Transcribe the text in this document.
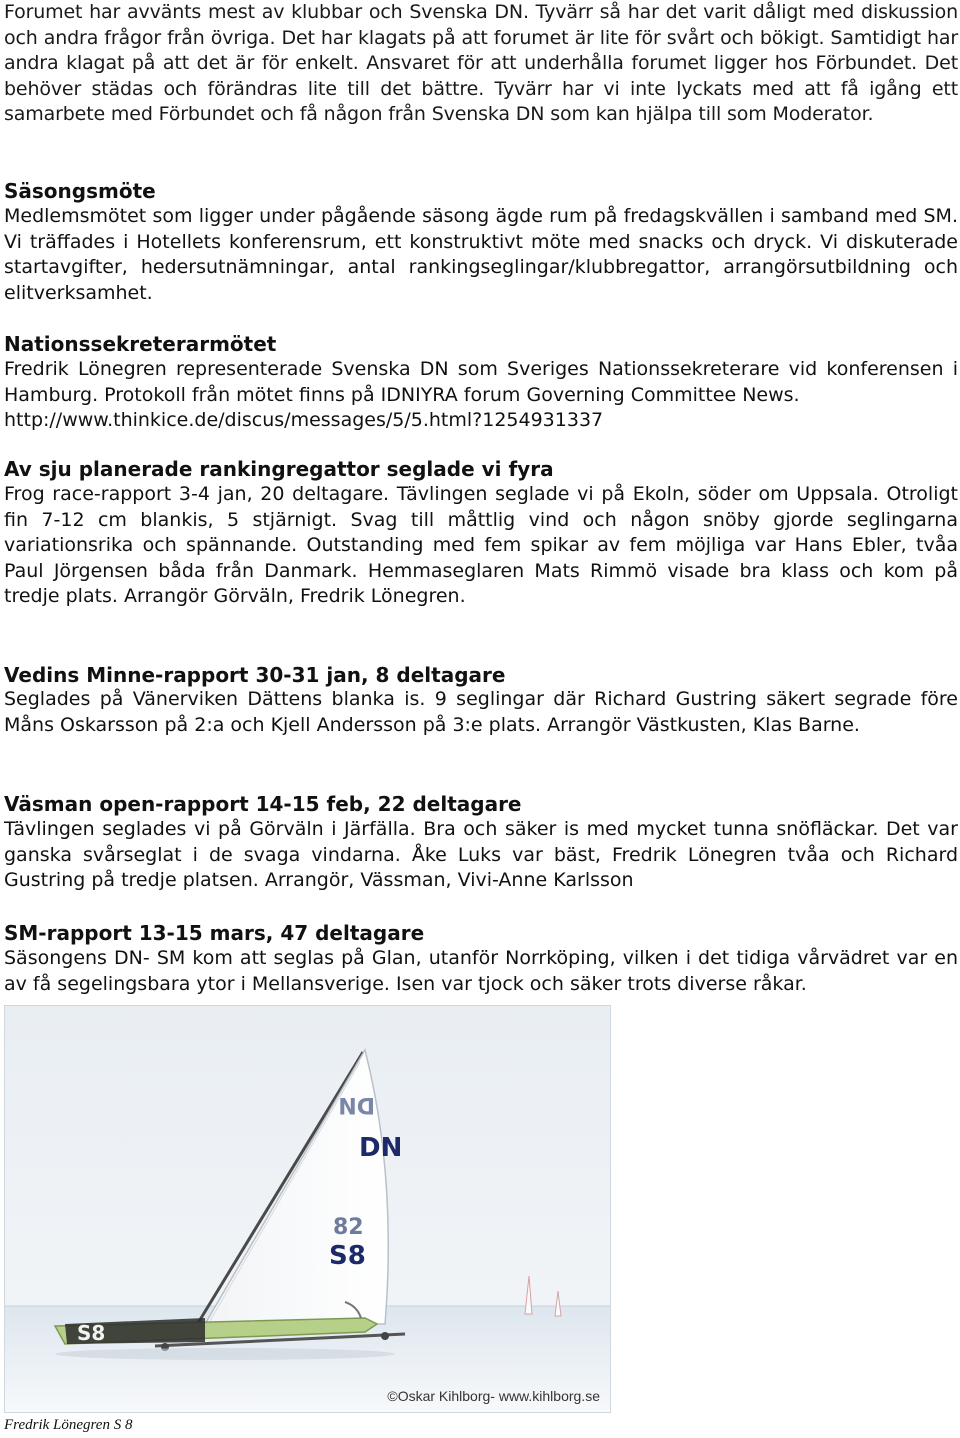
Forumet har avvänts mest av klubbar och Svenska DN. Tyvärr så har det varit dåligt med diskussion och andra frågor från övriga. Det har klagats på att forumet är lite för svårt och bökigt. Samtidigt har andra klagat på att det är för enkelt. Ansvaret för att underhålla forumet ligger hos Förbundet. Det behöver städas och förändras lite till det bättre. Tyvärr har vi inte lyckats med att få igång ett samarbete med Förbundet och få någon från Svenska DN som kan hjälpa till som Moderator.

Säsongsmöte

Medlemsmötet som ligger under pågående säsong ägde rum på fredagskvällen i samband med SM. Vi träffades i Hotellets konferensrum, ett konstruktivt möte med snacks och dryck. Vi diskuterade startavgifter, hedersutnämningar, antal rankingseglingar/klubbregattor, arrangörsutbildning och elitverksamhet.

Nationssekreterarmötet
Fredrik Lönegren representerade Svenska DN som Sveriges Nationssekreterare vid konferensen i Hamburg. Protokoll från mötet finns på IDNIYRA forum Governing Committee News.
http://www.thinkice.de/discus/messages/5/5.html?1254931337
Av sju planerade rankingregattor seglade vi fyra

Frog race-rapport 3-4 jan, 20 deltagare. Tävlingen seglade vi på Ekoln, söder om Uppsala. Otroligt fin 7-12 cm blankis, 5 stjärnigt. Svag till måttlig vind och någon snöby gjorde seglingarna variationsrika och spännande. Outstanding med fem spikar av fem möjliga var Hans Ebler, tvåa Paul Jörgensen båda från Danmark. Hemmaseglaren Mats Rimmö visade bra klass och kom på tredje plats. Arrangör Görväln, Fredrik Lönegren.

Vedins Minne-rapport 30-31 jan, 8 deltagare

Seglades på Vänerviken Dättens blanka is. 9 seglingar där Richard Gustring säkert segrade före Måns Oskarsson på 2:a och Kjell Andersson på 3:e plats. Arrangör Västkusten, Klas Barne.

Väsman open-rapport 14-15 feb, 22 deltagare

Tävlingen seglades vi på Görväln i Järfälla. Bra och säker is med mycket tunna snöfläckar. Det var ganska svårseglat i de svaga vindarna. Åke Luks var bäst, Fredrik Lönegren tvåa och Richard Gustring på tredje platsen. Arrangör, Vässman, Vivi-Anne Karlsson

SM-rapport 13-15 mars, 47 deltagare

Säsongens DN- SM kom att seglas på Glan, utanför Norrköping, vilken i det tidiga vårvädret var en av få segelingsbara ytor i Mellansverige. Isen var tjock och säker trots diverse råkar.

DN
DN
82
S8
S8
©Oskar Kihlborg- www.kihlborg.se
Fredrik Lönegren S 8
